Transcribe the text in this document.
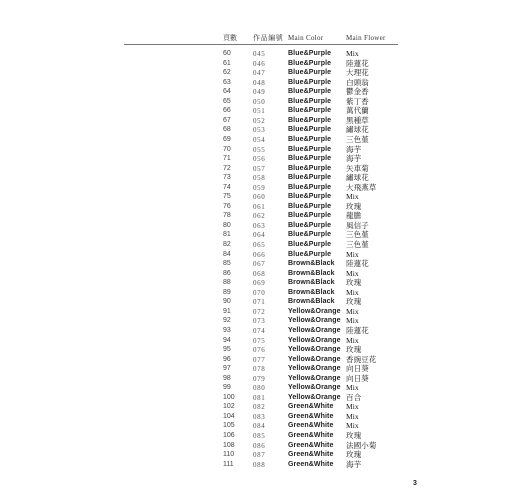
頁數 作品編號 Main Color	Main Flower
60	045	Blue&Purple Mix
61	046	Blue&Purple 陸蓮花
62	047	Blue&Purple 大理花
63	048	Blue&Purple 白頭翁
64	049	Blue&Purple 鬱金香
65	050	Blue&Purple 紫丁香
66	051	Blue&Purple 萬代蘭
67	052	Blue&Purple 黑種草
68	053	Blue&Purple 繡球花
69	054	Blue&Purple 三色堇
70	055	Blue&Purple 海芋
71	056	Blue&Purple 海芋
72	057	Blue&Purple 矢車菊
73	058	Blue&Purple 繡球花
74	059	Blue&Purple 大飛燕草
75	060	Blue&Purple Mix
76	061	Blue&Purple 玫瑰
78	062	Blue&Purple 龍膽
80	063	Blue&Purple 風信子
81	064	Blue&Purple 三色堇
82	065	Blue&Purple 三色堇
84	066	Blue&Purple Mix
85	067	Brown&Black 陸蓮花
86	068	Brown&Black Mix
88	069	Brown&Black 玫瑰
89	070	Brown&Black Mix
90	071	Brown&Black 玫瑰
91	072	Yellow&Orange Mix
92	073	Yellow&Orange Mix
93	074	Yellow&Orange 陸蓮花
94	075	Yellow&Orange Mix
95	076	Yellow&Orange 玫瑰
96	077	Yellow&Orange 香豌豆花
97	078	Yellow&Orange 向日葵
98	079	Yellow&Orange 向日葵
99	080	Yellow&Orange Mix
100	081	Yellow&Orange 百合
102	082	Green&White Mix
104	083	Green&White Mix
105	084	Green&White Mix
106	085	Green&White 玫瑰
108	086	Green&White 法國小菊
110	087	Green&White 玫瑰
111	088	Green&White 海芋
3
